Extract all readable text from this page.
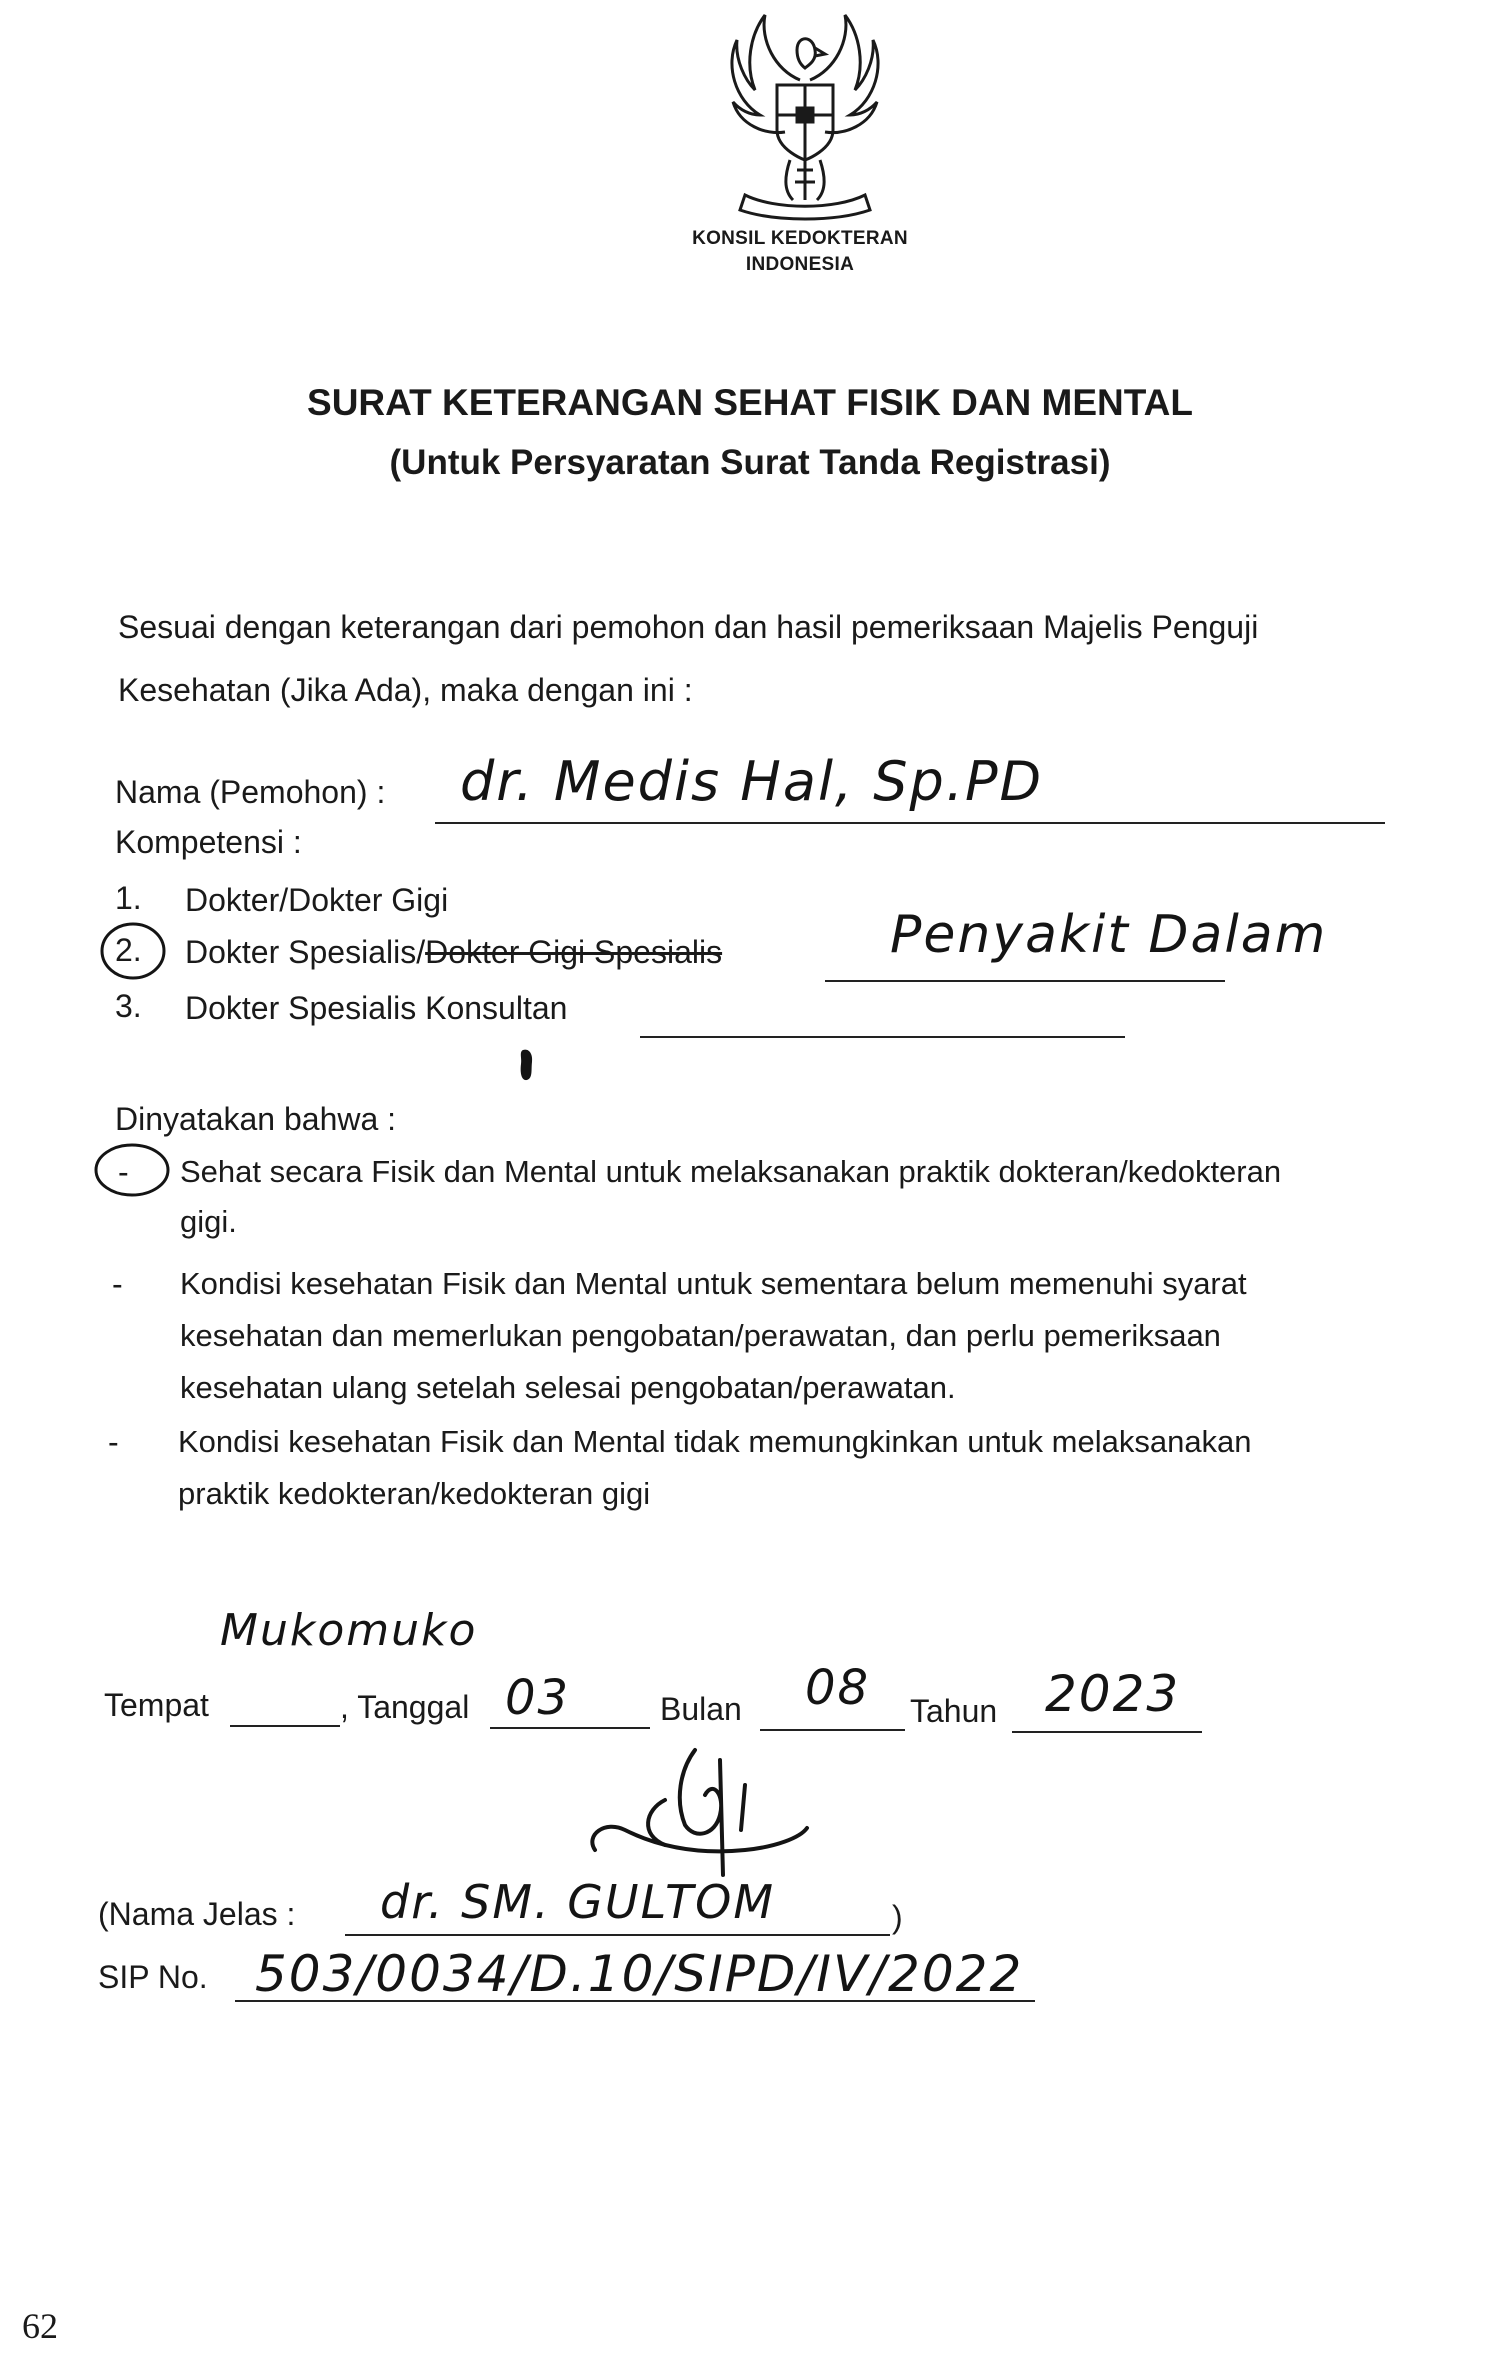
KONSIL KEDOKTERAN
INDONESIA
SURAT KETERANGAN SEHAT FISIK DAN MENTAL
(Untuk Persyaratan Surat Tanda Registrasi)
Sesuai dengan keterangan dari pemohon dan hasil pemeriksaan Majelis Penguji
Kesehatan (Jika Ada), maka dengan ini :
Nama (Pemohon) : dr. Medis Hal, Sp.PD
Kompetensi :
1. Dokter/Dokter Gigi
2. Dokter Spesialis/Dokter Gigi Spesialis	Penyakit Dalam
3. Dokter Spesialis Konsultan
Dinyatakan bahwa :
- Sehat secara Fisik dan Mental untuk melaksanakan praktik dokteran/kedokteran
gigi.
- Kondisi kesehatan Fisik dan Mental untuk sementara belum memenuhi syarat
kesehatan dan memerlukan pengobatan/perawatan, dan perlu pemeriksaan
kesehatan ulang setelah selesai pengobatan/perawatan.
- Kondisi kesehatan Fisik dan Mental tidak memungkinkan untuk melaksanakan
praktik kedokteran/kedokteran gigi
Mukomuko
Tempat	, Tanggal 03	Bulan 08 Tahun 2023
(Nama Jelas : dr. SM. GULTOM	)
SIP No. 503/0034/D.10/SIPD/IV/2022
62
